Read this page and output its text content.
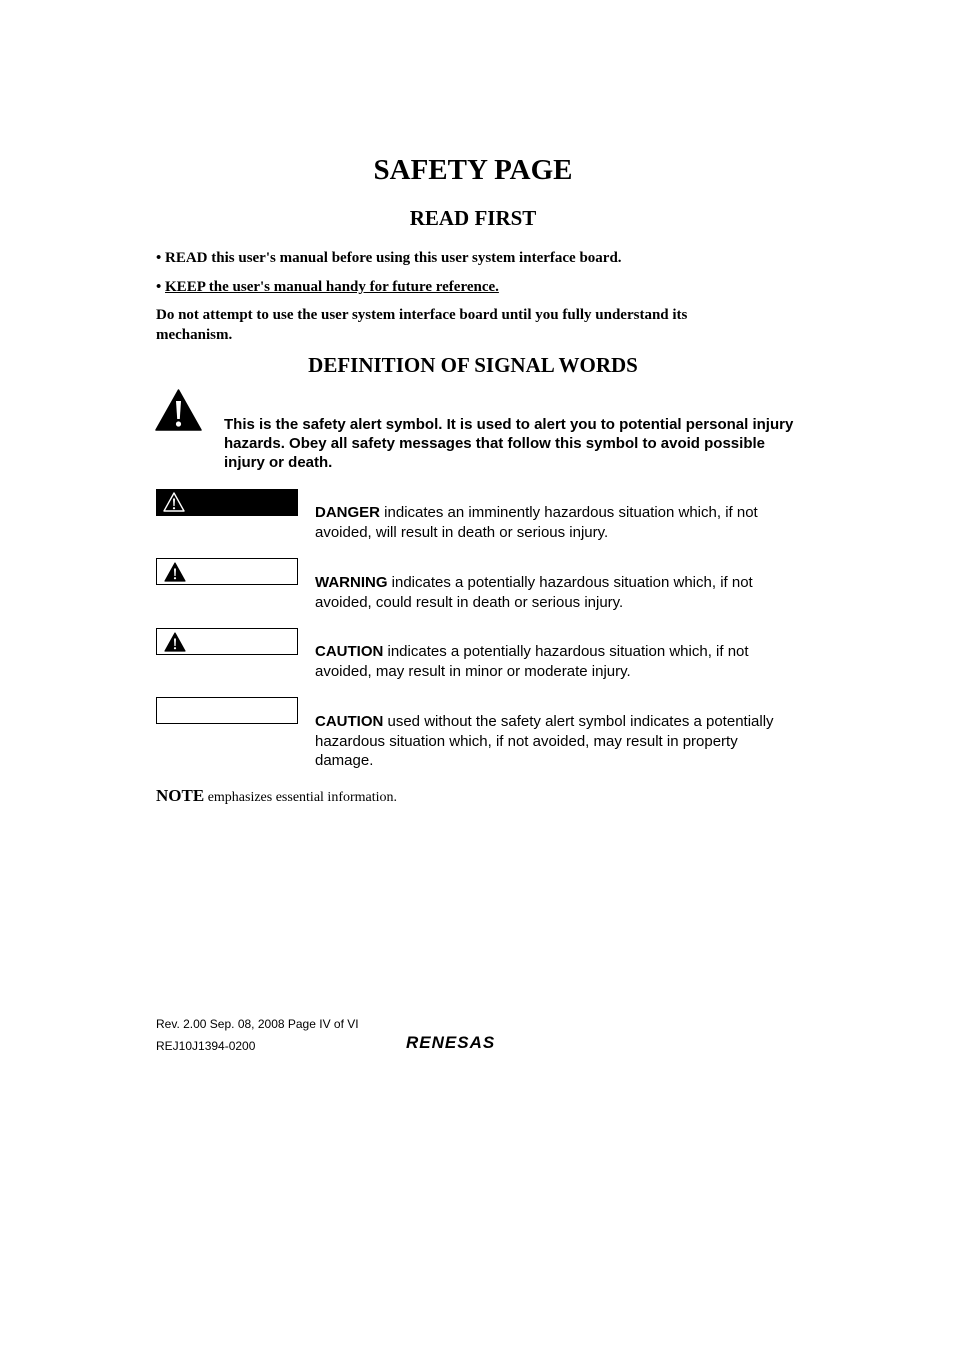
SAFETY PAGE
READ FIRST
• READ this user's manual before using this user system interface board.
• KEEP the user's manual handy for future reference.
Do not attempt to use the user system interface board until you fully understand its mechanism.
DEFINITION OF SIGNAL WORDS
This is the safety alert symbol. It is used to alert you to potential personal injury hazards. Obey all safety messages that follow this symbol to avoid possible injury or death.
DANGER indicates an imminently hazardous situation which, if not avoided, will result in death or serious injury.
WARNING indicates a potentially hazardous situation which, if not avoided, could result in death or serious injury.
CAUTION indicates a potentially hazardous situation which, if not avoided, may result in minor or moderate injury.
CAUTION used without the safety alert symbol indicates a potentially hazardous situation which, if not avoided, may result in property damage.
NOTE emphasizes essential information.
Rev. 2.00 Sep. 08, 2008 Page IV of VI
REJ10J1394-0200	RENESAS
